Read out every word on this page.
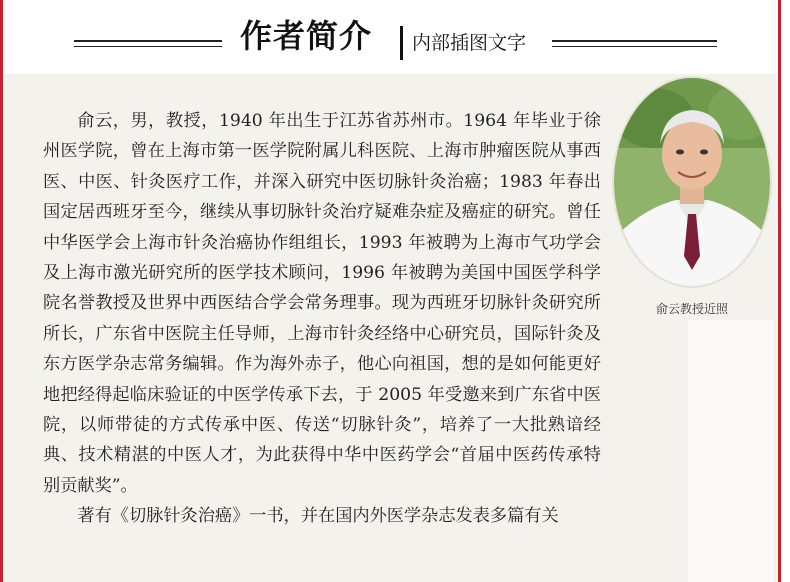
作者简介 内部插图文字

俞云，男，教授，1940 年出生于江苏省苏州市。1964 年毕业于徐州医学院，曾在上海市第一医学院附属儿科医院、上海市肿瘤医院从事西医、中医、针灸医疗工作，并深入研究中医切脉针灸治癌；1983 年春出国定居西班牙至今，继续从事切脉针灸治疗疑难杂症及癌症的研究。曾任中华医学会上海市针灸治癌协作组组长，1993 年被聘为上海市气功学会及上海市激光研究所的医学技术顾问，1996 年被聘为美国中国医学科学院名誉教授及世界中西医结合学会常务理事。现为西班牙切脉针灸研究所所长，广东省中医院主任导师，上海市针灸经络中心研究员，国际针灸及东方医学杂志常务编辑。作为海外赤子，他心向祖国，想的是如何能更好地把经得起临床验证的中医学传承下去，于 2005 年受邀来到广东省中医院，以师带徒的方式传承中医、传送“切脉针灸”，培养了一大批熟谙经典、技术精湛的中医人才，为此获得中华中医药学会“首届中医药传承特别贡献奖”。

著有《切脉针灸治癌》一书，并在国内外医学杂志发表多篇有关

俞云教授近照
